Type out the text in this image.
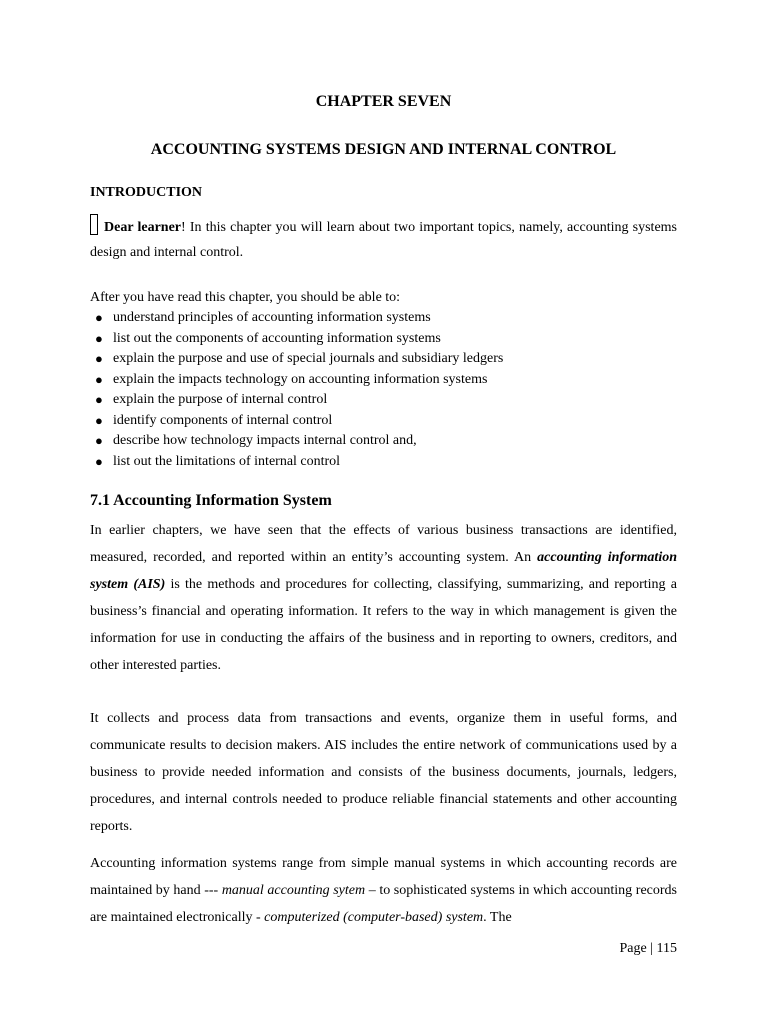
CHAPTER SEVEN
ACCOUNTING SYSTEMS DESIGN AND INTERNAL CONTROL
INTRODUCTION

Dear learner! In this chapter you will learn about two important topics, namely, accounting systems design and internal control.

After you have read this chapter, you should be able to:

● understand principles of accounting information systems
● list out the components of accounting information systems
● explain the purpose and use of special journals and subsidiary ledgers
● explain the impacts technology on accounting information systems
● explain the purpose of internal control
● identify components of internal control
● describe how technology impacts internal control and,
● list out the limitations of internal control
7.1 Accounting Information System

In earlier chapters, we have seen that the effects of various business transactions are identified, measured, recorded, and reported within an entity’s accounting system. An accounting information system (AIS) is the methods and procedures for collecting, classifying, summarizing, and reporting a business’s financial and operating information. It refers to the way in which management is given the information for use in conducting the affairs of the business and in reporting to owners, creditors, and other interested parties.

It collects and process data from transactions and events, organize them in useful forms, and communicate results to decision makers. AIS includes the entire network of communications used by a business to provide needed information and consists of the business documents, journals, ledgers, procedures, and internal controls needed to produce reliable financial statements and other accounting reports.

Accounting information systems range from simple manual systems in which accounting records are maintained by hand --- manual accounting sytem – to sophisticated systems in which accounting records are maintained electronically - computerized (computer-based) system. The

Page | 115
